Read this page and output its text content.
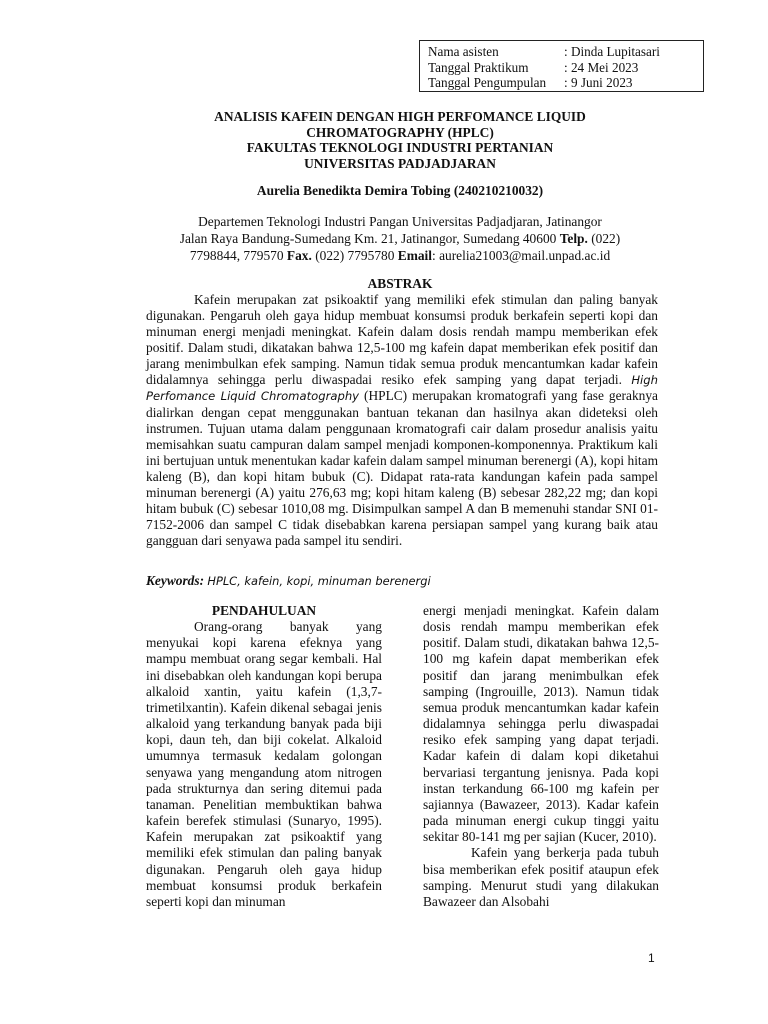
Nama asisten	: Dinda Lupitasari
Tanggal Praktikum	: 24 Mei 2023
Tanggal Pengumpulan	: 9 Juni 2023
ANALISIS KAFEIN DENGAN HIGH PERFOMANCE LIQUID
CHROMATOGRAPHY (HPLC)
FAKULTAS TEKNOLOGI INDUSTRI PERTANIAN
UNIVERSITAS PADJADJARAN
Aurelia Benedikta Demira Tobing (240210210032)
Departemen Teknologi Industri Pangan Universitas Padjadjaran, Jatinangor
Jalan Raya Bandung-Sumedang Km. 21, Jatinangor, Sumedang 40600 Telp. (022)
7798844, 779570 Fax. (022) 7795780 Email: aurelia21003@mail.unpad.ac.id
ABSTRAK

Kafein merupakan zat psikoaktif yang memiliki efek stimulan dan paling banyak digunakan. Pengaruh oleh gaya hidup membuat konsumsi produk berkafein seperti kopi dan minuman energi menjadi meningkat. Kafein dalam dosis rendah mampu memberikan efek positif. Dalam studi, dikatakan bahwa 12,5-100 mg kafein dapat memberikan efek positif dan jarang menimbulkan efek samping. Namun tidak semua produk mencantumkan kadar kafein didalamnya sehingga perlu diwaspadai resiko efek samping yang dapat terjadi. High Perfomance Liquid Chromatography (HPLC) merupakan kromatografi yang fase geraknya dialirkan dengan cepat menggunakan bantuan tekanan dan hasilnya akan dideteksi oleh instrumen. Tujuan utama dalam penggunaan kromatografi cair dalam prosedur analisis yaitu memisahkan suatu campuran dalam sampel menjadi komponen-komponennya. Praktikum kali ini bertujuan untuk menentukan kadar kafein dalam sampel minuman berenergi (A), kopi hitam kaleng (B), dan kopi hitam bubuk (C). Didapat rata-rata kandungan kafein pada sampel minuman berenergi (A) yaitu 276,63 mg; kopi hitam kaleng (B) sebesar 282,22 mg; dan kopi hitam bubuk (C) sebesar 1010,08 mg. Disimpulkan sampel A dan B memenuhi standar SNI 01-7152-2006 dan sampel C tidak disebabkan karena persiapan sampel yang kurang baik atau gangguan dari senyawa pada sampel itu sendiri.

Keywords: HPLC, kafein, kopi, minuman berenergi

PENDAHULUAN
Orang-orang banyak yang menyukai kopi karena efeknya yang mampu membuat orang segar kembali. Hal ini disebabkan oleh kandungan kopi berupa alkaloid xantin, yaitu kafein (1,3,7-trimetilxantin). Kafein dikenal sebagai jenis alkaloid yang terkandung banyak pada biji kopi, daun teh, dan biji cokelat. Alkaloid umumnya termasuk kedalam golongan senyawa yang mengandung atom nitrogen pada strukturnya dan sering ditemui pada tanaman. Penelitian membuktikan bahwa kafein berefek stimulasi (Sunaryo, 1995). Kafein merupakan zat psikoaktif yang memiliki efek stimulan dan paling banyak digunakan. Pengaruh oleh gaya hidup membuat konsumsi produk berkafein seperti kopi dan minuman

energi menjadi meningkat. Kafein dalam dosis rendah mampu memberikan efek positif. Dalam studi, dikatakan bahwa 12,5-100 mg kafein dapat memberikan efek positif dan jarang menimbulkan efek samping (Ingrouille, 2013). Namun tidak semua produk mencantumkan kadar kafein didalamnya sehingga perlu diwaspadai resiko efek samping yang dapat terjadi. Kadar kafein di dalam kopi diketahui bervariasi tergantung jenisnya. Pada kopi instan terkandung 66-100 mg kafein per sajiannya (Bawazeer, 2013). Kadar kafein pada minuman energi cukup tinggi yaitu sekitar 80-141 mg per sajian (Kucer, 2010).
Kafein yang berkerja pada tubuh bisa memberikan efek positif ataupun efek samping. Menurut studi yang dilakukan Bawazeer dan Alsobahi

1
